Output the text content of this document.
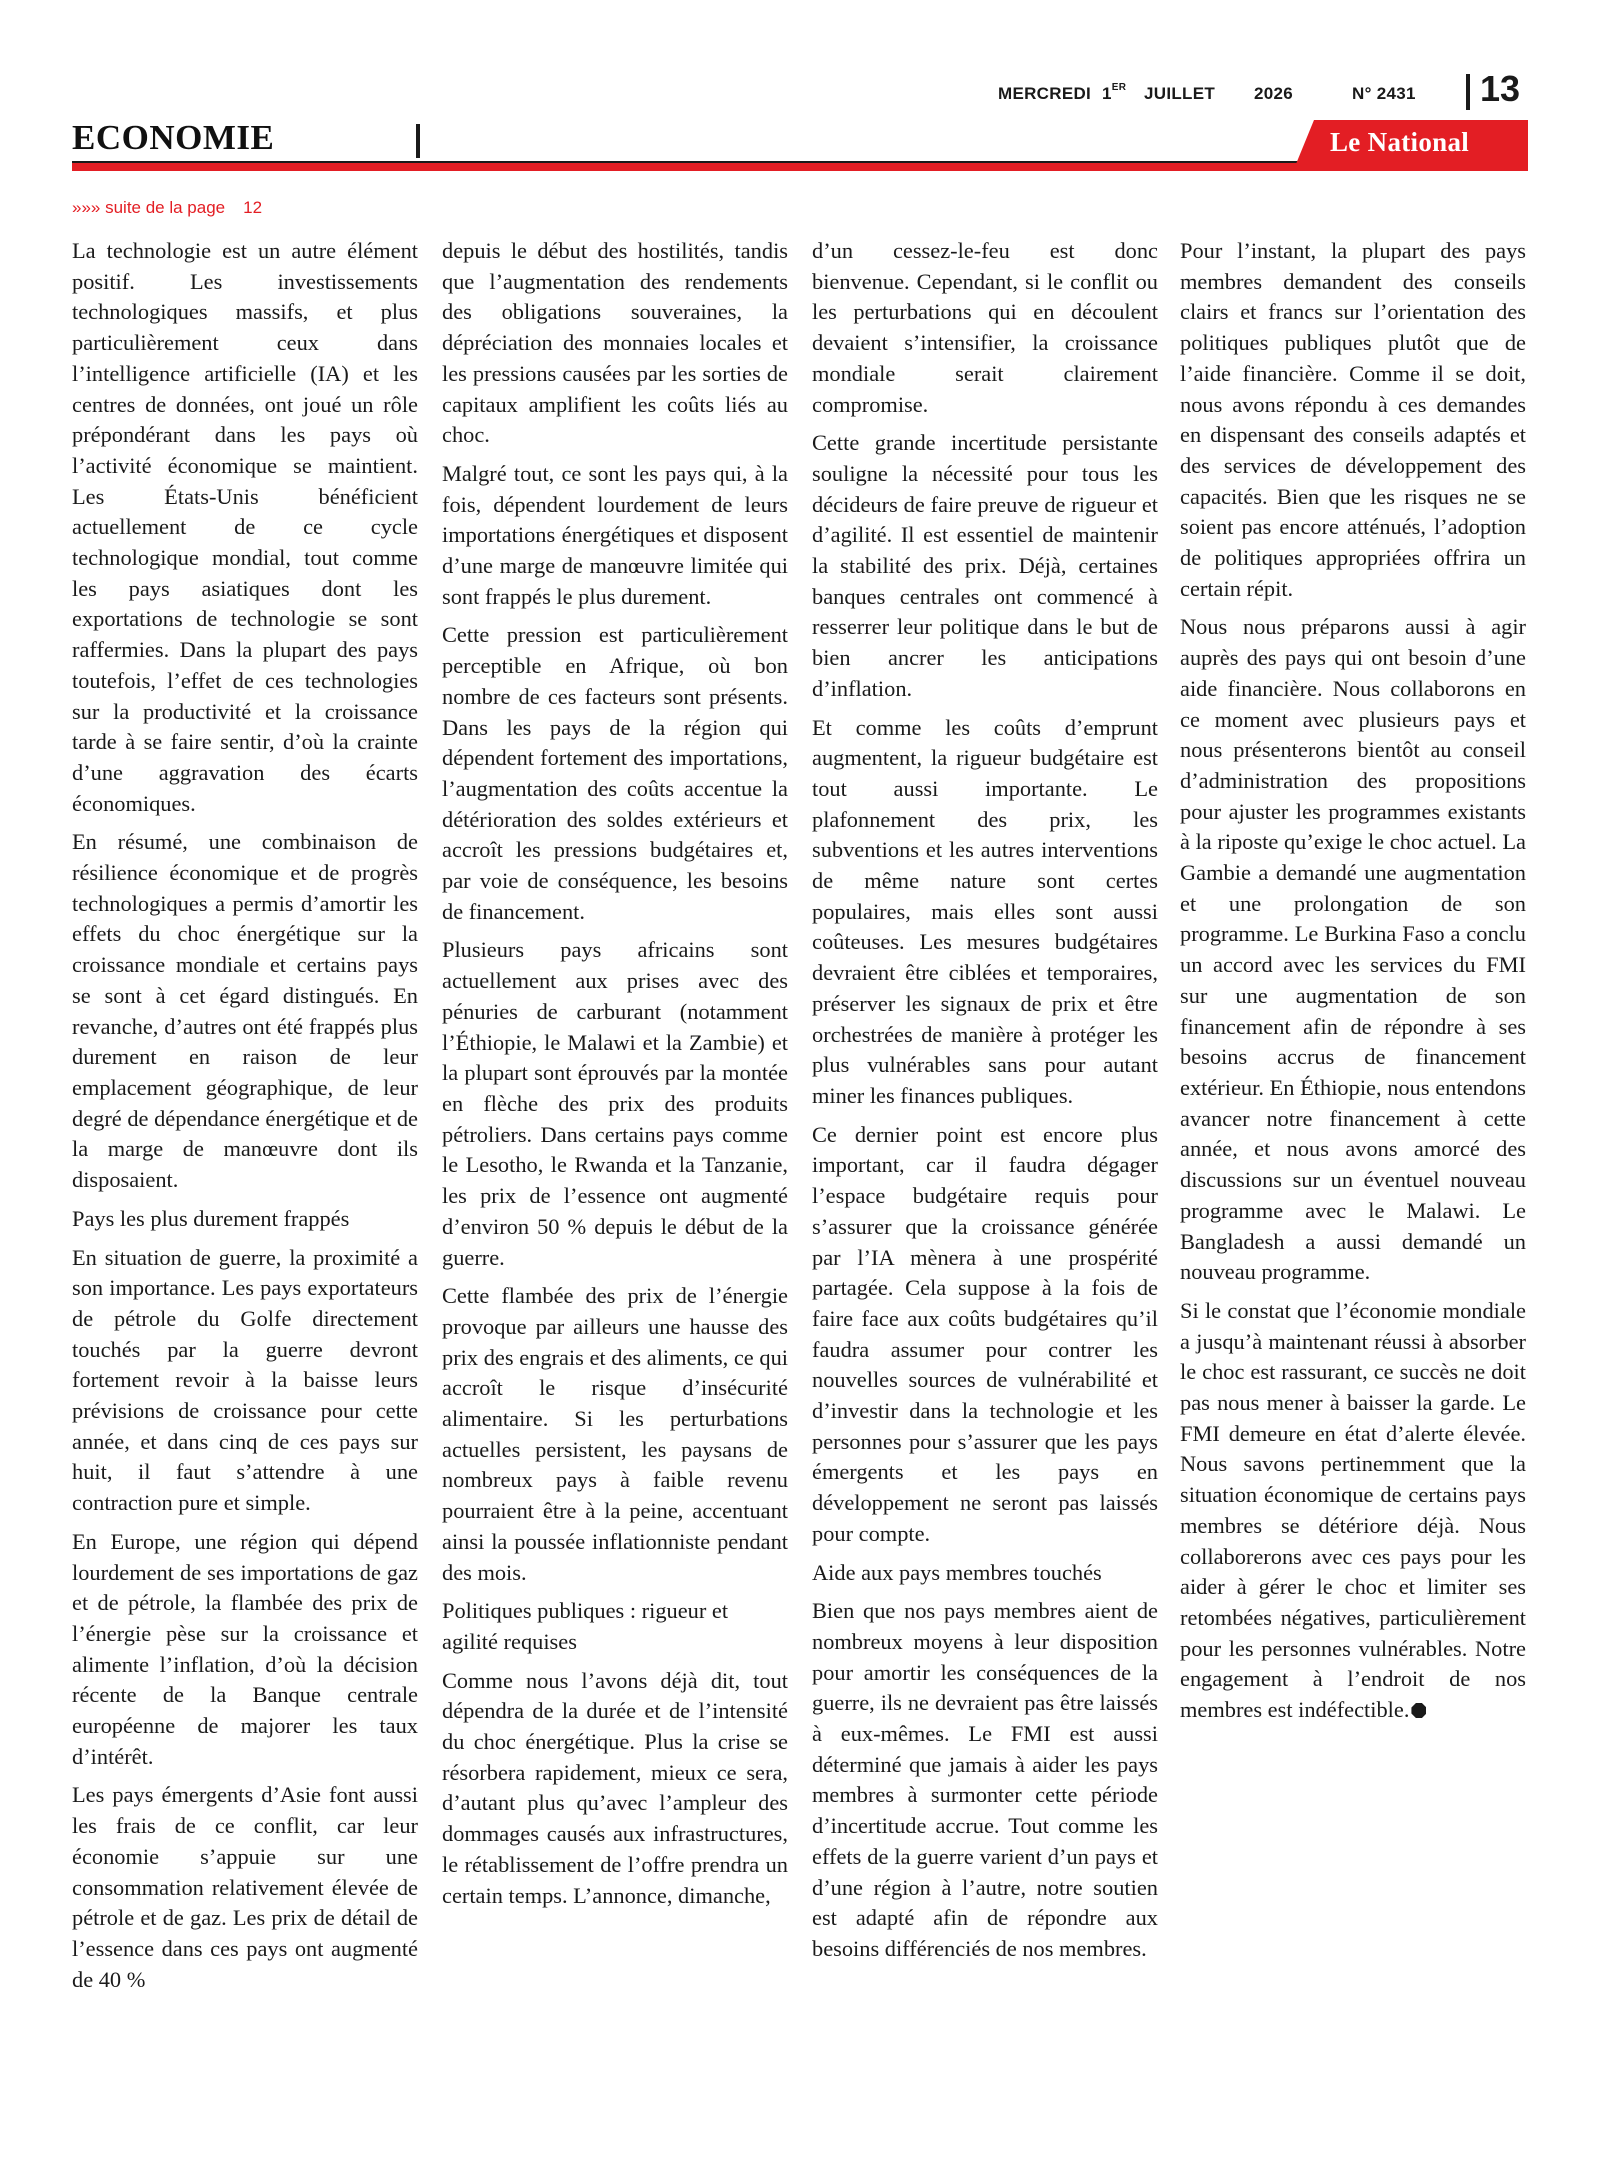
MERCREDI 1ER JUILLET 2026	N° 2431 13
ECONOMIE	Le National
»»» suite de la page 12

La technologie est un autre élément positif. Les investissements technologiques massifs, et plus particulièrement ceux dans l’intelligence artificielle (IA) et les centres de données, ont joué un rôle prépondérant dans les pays où l’activité économique se maintient. Les États-Unis bénéficient actuellement de ce cycle technologique mondial, tout comme les pays asiatiques dont les exportations de technologie se sont raffermies. Dans la plupart des pays toutefois, l’effet de ces technologies sur la productivité et la croissance tarde à se faire sentir, d’où la crainte d’une aggravation des écarts économiques.

En résumé, une combinaison de résilience économique et de progrès technologiques a permis d’amortir les effets du choc énergétique sur la croissance mondiale et certains pays se sont à cet égard distingués. En revanche, d’autres ont été frappés plus durement en raison de leur emplacement géographique, de leur degré de dépendance énergétique et de la marge de manœuvre dont ils disposaient.

Pays les plus durement frappés

En situation de guerre, la proximité a son importance. Les pays exportateurs de pétrole du Golfe directement touchés par la guerre devront fortement revoir à la baisse leurs prévisions de croissance pour cette année, et dans cinq de ces pays sur huit, il faut s’attendre à une contraction pure et simple.

En Europe, une région qui dépend lourdement de ses importations de gaz et de pétrole, la flambée des prix de l’énergie pèse sur la croissance et alimente l’inflation, d’où la décision récente de la Banque centrale européenne de majorer les taux d’intérêt.

Les pays émergents d’Asie font aussi les frais de ce conflit, car leur économie s’appuie sur une consommation relativement élevée de pétrole et de gaz. Les prix de détail de l’essence dans ces pays ont augmenté de 40 %

depuis le début des hostilités, tandis que l’augmentation des rendements des obligations souveraines, la dépréciation des monnaies locales et les pressions causées par les sorties de capitaux amplifient les coûts liés au choc.

Malgré tout, ce sont les pays qui, à la fois, dépendent lourdement de leurs importations énergétiques et disposent d’une marge de manœuvre limitée qui sont frappés le plus durement.

Cette pression est particulièrement perceptible en Afrique, où bon nombre de ces facteurs sont présents. Dans les pays de la région qui dépendent fortement des importations, l’augmentation des coûts accentue la détérioration des soldes extérieurs et accroît les pressions budgétaires et, par voie de conséquence, les besoins de financement.

Plusieurs pays africains sont actuellement aux prises avec des pénuries de carburant (notamment l’Éthiopie, le Malawi et la Zambie) et la plupart sont éprouvés par la montée en flèche des prix des produits pétroliers. Dans certains pays comme le Lesotho, le Rwanda et la Tanzanie, les prix de l’essence ont augmenté d’environ 50 % depuis le début de la guerre.

Cette flambée des prix de l’énergie provoque par ailleurs une hausse des prix des engrais et des aliments, ce qui accroît le risque d’insécurité alimentaire. Si les perturbations actuelles persistent, les paysans de nombreux pays à faible revenu pourraient être à la peine, accentuant ainsi la poussée inflationniste pendant des mois.

Politiques publiques : rigueur et agilité requises

Comme nous l’avons déjà dit, tout dépendra de la durée et de l’intensité du choc énergétique. Plus la crise se résorbera rapidement, mieux ce sera, d’autant plus qu’avec l’ampleur des dommages causés aux infrastructures, le rétablissement de l’offre prendra un certain temps. L’annonce, dimanche,

d’un cessez-le-feu est donc bienvenue. Cependant, si le conflit ou les perturbations qui en découlent devaient s’intensifier, la croissance mondiale serait clairement compromise.

Cette grande incertitude persistante souligne la nécessité pour tous les décideurs de faire preuve de rigueur et d’agilité. Il est essentiel de maintenir la stabilité des prix. Déjà, certaines banques centrales ont commencé à resserrer leur politique dans le but de bien ancrer les anticipations d’inflation.

Et comme les coûts d’emprunt augmentent, la rigueur budgétaire est tout aussi importante. Le plafonnement des prix, les subventions et les autres interventions de même nature sont certes populaires, mais elles sont aussi coûteuses. Les mesures budgétaires devraient être ciblées et temporaires, préserver les signaux de prix et être orchestrées de manière à protéger les plus vulnérables sans pour autant miner les finances publiques.

Ce dernier point est encore plus important, car il faudra dégager l’espace budgétaire requis pour s’assurer que la croissance générée par l’IA mènera à une prospérité partagée. Cela suppose à la fois de faire face aux coûts budgétaires qu’il faudra assumer pour contrer les nouvelles sources de vulnérabilité et d’investir dans la technologie et les personnes pour s’assurer que les pays émergents et les pays en développement ne seront pas laissés pour compte.

Aide aux pays membres touchés

Bien que nos pays membres aient de nombreux moyens à leur disposition pour amortir les conséquences de la guerre, ils ne devraient pas être laissés à eux-mêmes. Le FMI est aussi déterminé que jamais à aider les pays membres à surmonter cette période d’incertitude accrue. Tout comme les effets de la guerre varient d’un pays et d’une région à l’autre, notre soutien est adapté afin de répondre aux besoins différenciés de nos membres.

Pour l’instant, la plupart des pays membres demandent des conseils clairs et francs sur l’orientation des politiques publiques plutôt que de l’aide financière. Comme il se doit, nous avons répondu à ces demandes en dispensant des conseils adaptés et des services de développement des capacités. Bien que les risques ne se soient pas encore atténués, l’adoption de politiques appropriées offrira un certain répit.

Nous nous préparons aussi à agir auprès des pays qui ont besoin d’une aide financière. Nous collaborons en ce moment avec plusieurs pays et nous présenterons bientôt au conseil d’administration des propositions pour ajuster les programmes existants à la riposte qu’exige le choc actuel. La Gambie a demandé une augmentation et une prolongation de son programme. Le Burkina Faso a conclu un accord avec les services du FMI sur une augmentation de son financement afin de répondre à ses besoins accrus de financement extérieur. En Éthiopie, nous entendons avancer notre financement à cette année, et nous avons amorcé des discussions sur un éventuel nouveau programme avec le Malawi. Le Bangladesh a aussi demandé un nouveau programme.

Si le constat que l’économie mondiale a jusqu’à maintenant réussi à absorber le choc est rassurant, ce succès ne doit pas nous mener à baisser la garde. Le FMI demeure en état d’alerte élevée. Nous savons pertinemment que la situation économique de certains pays membres se détériore déjà. Nous collaborerons avec ces pays pour les aider à gérer le choc et limiter ses retombées négatives, particulièrement pour les personnes vulnérables. Notre engagement à l’endroit de nos membres est indéfectible.
